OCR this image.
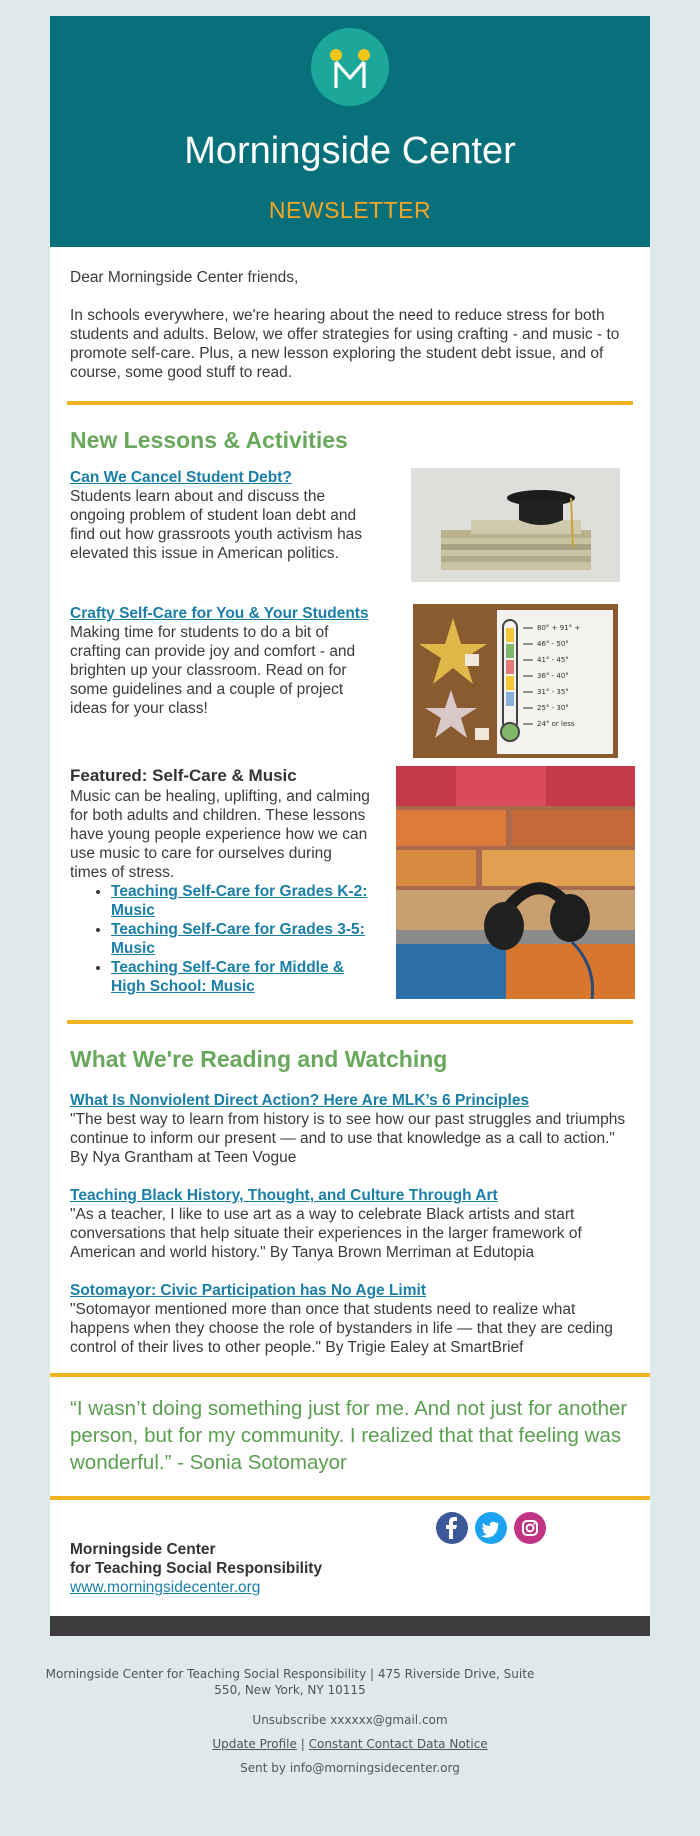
Morningside Center
NEWSLETTER

Dear Morningside Center friends,

In schools everywhere, we're hearing about the need to reduce stress for both students and adults. Below, we offer strategies for using crafting - and music - to promote self-care. Plus, a new lesson exploring the student debt issue, and of course, some good stuff to read.

New Lessons & Activities
Can We Cancel Student Debt?
Students learn about and discuss the ongoing problem of student loan debt and find out how grassroots youth activism has elevated this issue in American politics.
Crafty Self-Care for You & Your Students
Making time for students to do a bit of crafting can provide joy and comfort - and brighten up your classroom. Read on for some guidelines and a couple of project ideas for your class!
80° + 91° +
46° - 50°
41° - 45°
36° - 40°
31° - 35°
25° - 30°
24° or less
Featured: Self-Care & Music
Music can be healing, uplifting, and calming for both adults and children. These lessons have young people experience how we can use music to care for ourselves during times of stress.
• Teaching Self-Care for Grades K-2: Music
• Teaching Self-Care for Grades 3-5: Music
• Teaching Self-Care for Middle & High School: Music
What We're Reading and Watching
What Is Nonviolent Direct Action? Here Are MLK’s 6 Principles
"The best way to learn from history is to see how our past struggles and triumphs continue to inform our present — and to use that knowledge as a call to action." By Nya Grantham at Teen Vogue
Teaching Black History, Thought, and Culture Through Art
"As a teacher, I like to use art as a way to celebrate Black artists and start conversations that help situate their experiences in the larger framework of American and world history." By Tanya Brown Merriman at Edutopia
Sotomayor: Civic Participation has No Age Limit
"Sotomayor mentioned more than once that students need to realize what happens when they choose the role of bystanders in life — that they are ceding control of their lives to other people." By Trigie Ealey at SmartBrief
“I wasn’t doing something just for me. And not just for another person, but for my community. I realized that that feeling was wonderful.” - Sonia Sotomayor
Morningside Center
for Teaching Social Responsibility
www.morningsidecenter.org
Morningside Center for Teaching Social Responsibility | 475 Riverside Drive, Suite 550, New York, NY 10115
Unsubscribe xxxxxx@gmail.com
Update Profile | Constant Contact Data Notice
Sent by info@morningsidecenter.org
